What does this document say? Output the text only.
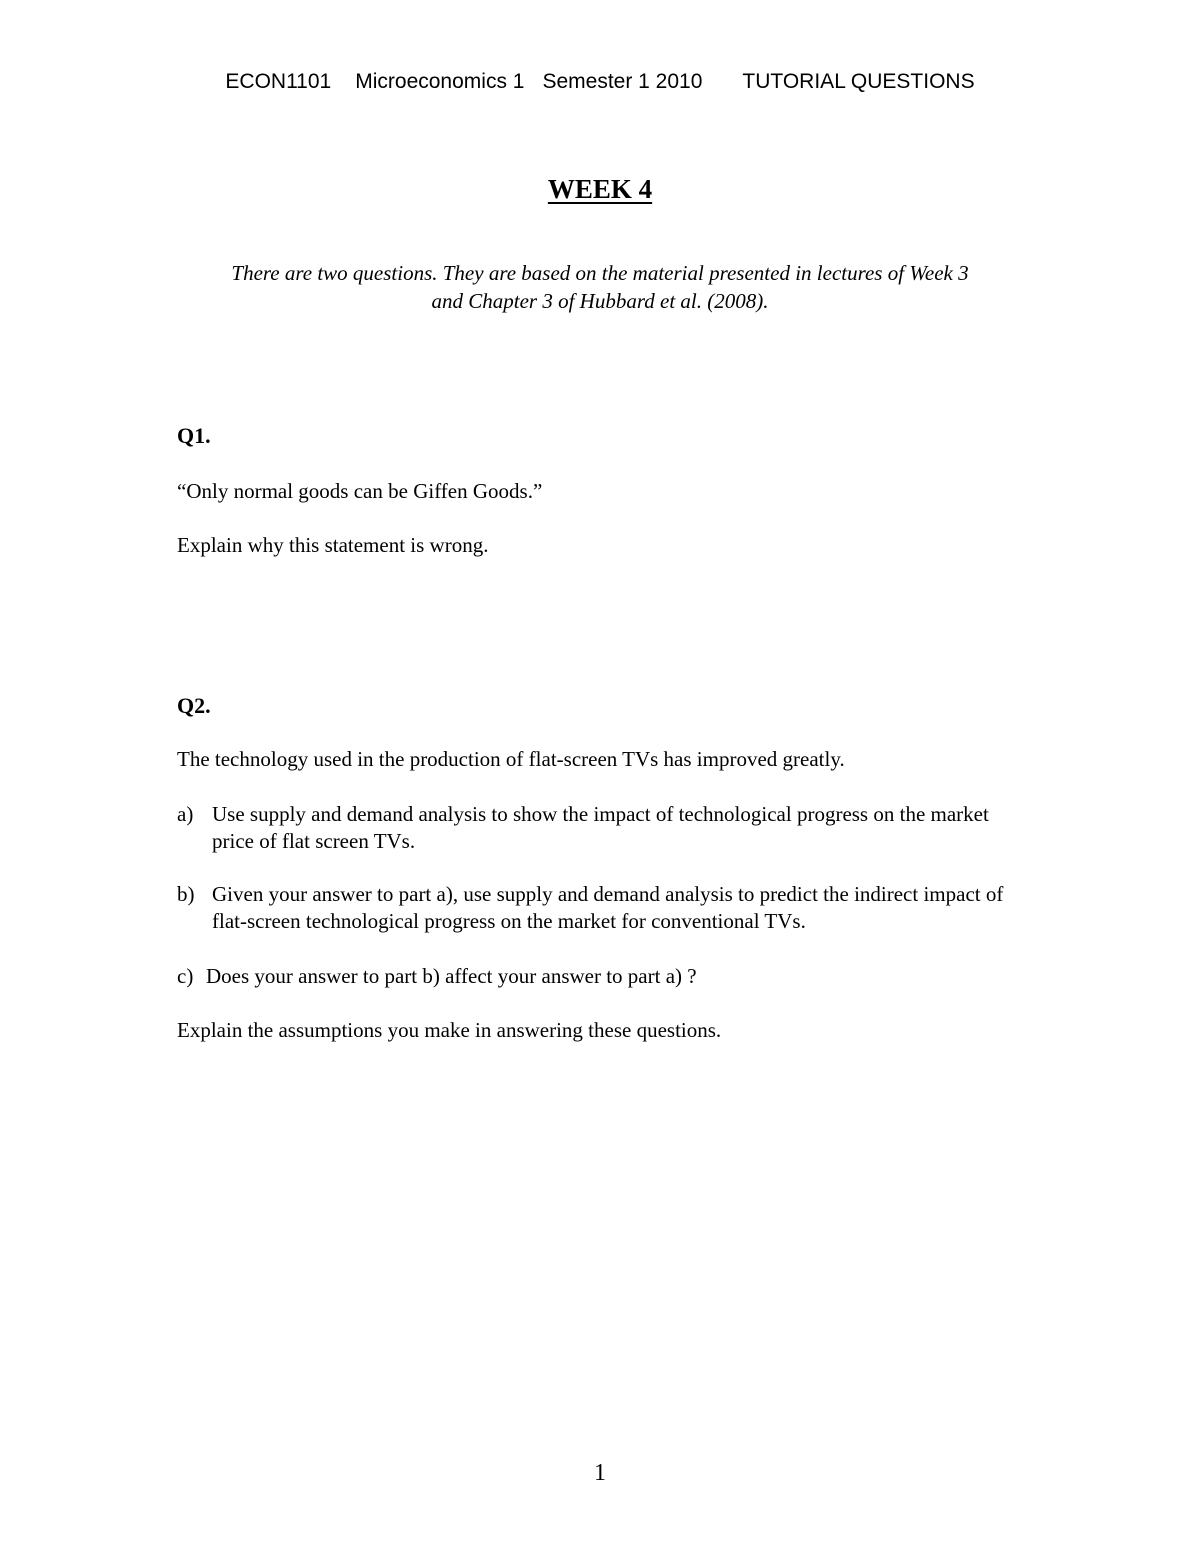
ECON1101 Microeconomics 1 Semester 1 2010 TUTORIAL QUESTIONS
WEEK 4
There are two questions. They are based on the material presented in lectures of Week 3
and Chapter 3 of Hubbard et al. (2008).
Q1.
“Only normal goods can be Giffen Goods.”
Explain why this statement is wrong.
Q2.
The technology used in the production of flat-screen TVs has improved greatly.
a) Use supply and demand analysis to show the impact of technological progress on the market price of flat screen TVs.
b) Given your answer to part a), use supply and demand analysis to predict the indirect impact of flat-screen technological progress on the market for conventional TVs.
c) Does your answer to part b) affect your answer to part a) ?
Explain the assumptions you make in answering these questions.
1
